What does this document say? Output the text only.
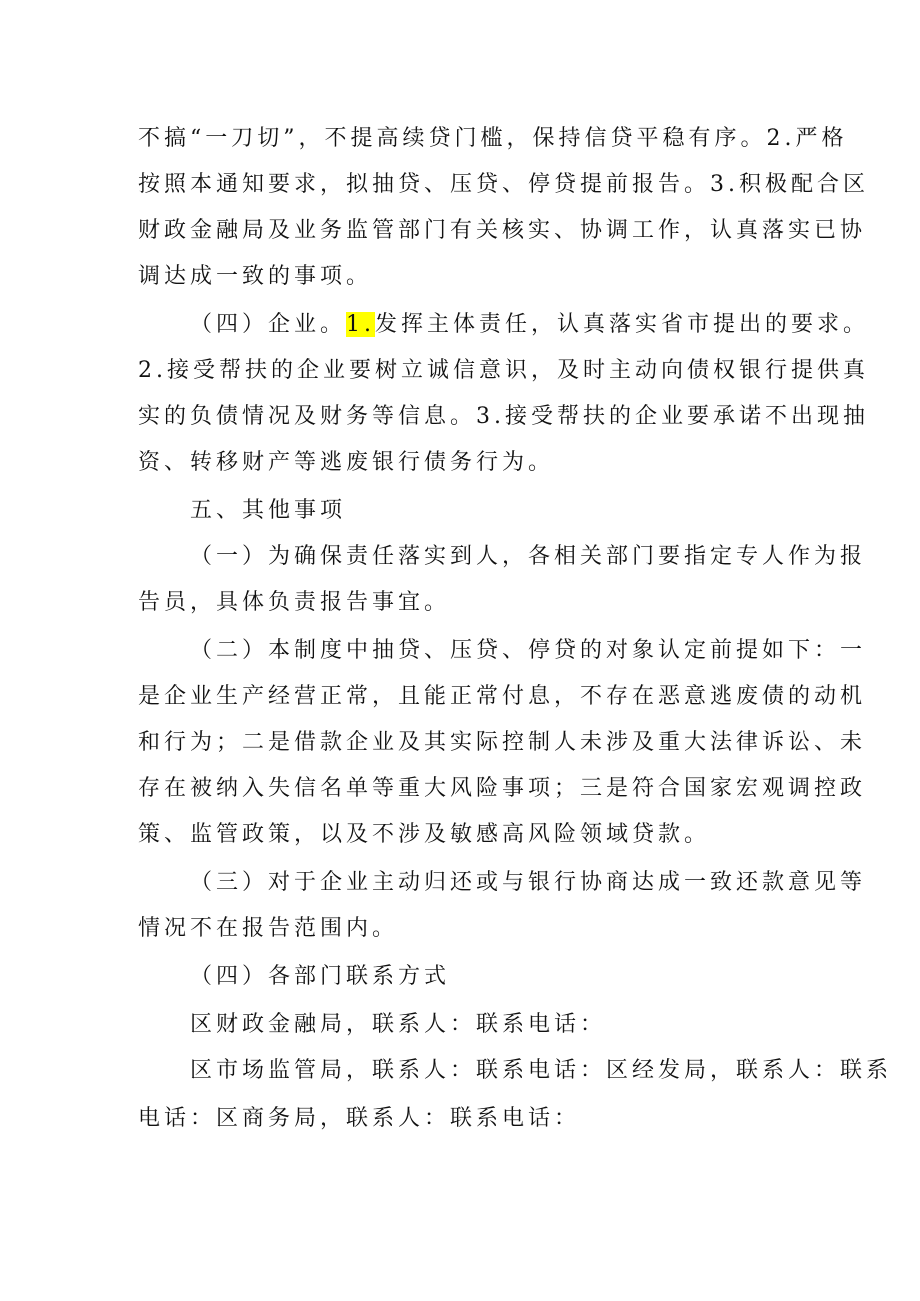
不搞“一刀切”，不提高续贷门槛，保持信贷平稳有序。2.严格
按照本通知要求，拟抽贷、压贷、停贷提前报告。3.积极配合区
财政金融局及业务监管部门有关核实、协调工作，认真落实已协
调达成一致的事项。
（四）企业。1.发挥主体责任，认真落实省市提出的要求。
2.接受帮扶的企业要树立诚信意识，及时主动向债权银行提供真
实的负债情况及财务等信息。3.接受帮扶的企业要承诺不出现抽
资、转移财产等逃废银行债务行为。
五、其他事项
（一）为确保责任落实到人，各相关部门要指定专人作为报
告员，具体负责报告事宜。
（二）本制度中抽贷、压贷、停贷的对象认定前提如下：一
是企业生产经营正常，且能正常付息，不存在恶意逃废债的动机
和行为；二是借款企业及其实际控制人未涉及重大法律诉讼、未
存在被纳入失信名单等重大风险事项；三是符合国家宏观调控政
策、监管政策，以及不涉及敏感高风险领域贷款。
（三）对于企业主动归还或与银行协商达成一致还款意见等
情况不在报告范围内。
（四）各部门联系方式
区财政金融局，联系人：联系电话：
区市场监管局，联系人：联系电话：区经发局，联系人：联系
电话：区商务局，联系人：联系电话：
